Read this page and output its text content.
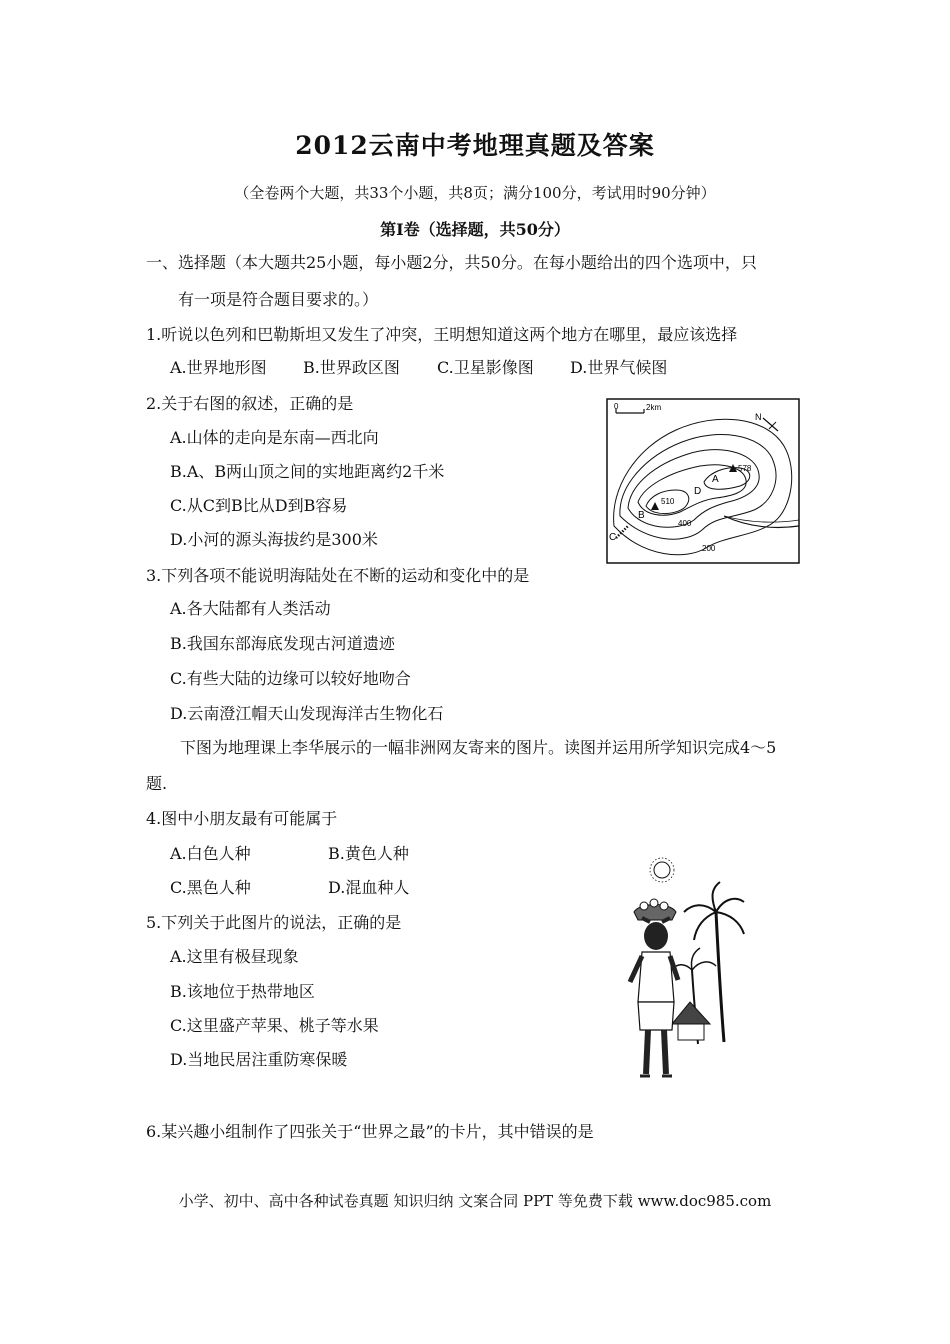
2012云南中考地理真题及答案
（全卷两个大题，共33个小题，共8页；满分100分，考试用时90分钟）
第Ⅰ卷（选择题，共50分）
一、选择题（本大题共25小题，每小题2分，共50分。在每小题给出的四个选项中，只
有一项是符合题目要求的。）
1.听说以色列和巴勒斯坦又发生了冲突，王明想知道这两个地方在哪里，最应该选择
A.世界地形图 B.世界政区图 C.卫星影像图 D.世界气候图
2.关于右图的叙述，正确的是
A.山体的走向是东南—西北向
B.A、B两山顶之间的实地距离约2千米
C.从C到B比从D到B容易
D.小河的源头海拔约是300米
0	2km
N
A
578
B
510
C
D
400
200
3.下列各项不能说明海陆处在不断的运动和变化中的是
A.各大陆都有人类活动
B.我国东部海底发现古河道遗迹
C.有些大陆的边缘可以较好地吻合
D.云南澄江帽天山发现海洋古生物化石
下图为地理课上李华展示的一幅非洲网友寄来的图片。读图并运用所学知识完成4～5
题.
4.图中小朋友最有可能属于
A.白色人种	B.黄色人种
C.黑色人种	D.混血种人
5.下列关于此图片的说法，正确的是
A.这里有极昼现象
B.该地位于热带地区
C.这里盛产苹果、桃子等水果
D.当地民居注重防寒保暖
6.某兴趣小组制作了四张关于“世界之最”的卡片，其中错误的是
小学、初中、高中各种试卷真题 知识归纳 文案合同 PPT 等免费下载 www.doc985.com
